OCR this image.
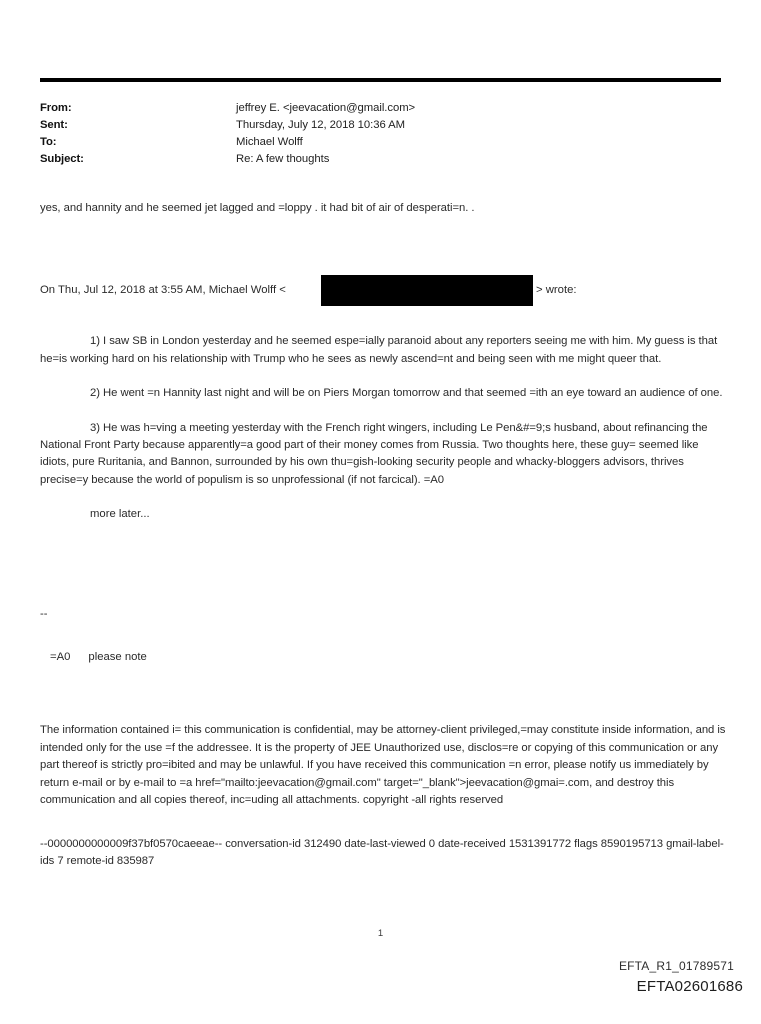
From:	jeffrey E. <jeevacation@gmail.com>
Sent:	Thursday, July 12, 2018 10:36 AM
To:	Michael Wolff
Subject:	Re: A few thoughts

yes, and hannity and he seemed jet lagged and =loppy . it had bit of air of desperati=n. .

On Thu, Jul 12, 2018 at 3:55 AM, Michael Wolff <	> wrote:

1) I saw SB in London yesterday and he seemed espe=ially paranoid about any reporters seeing me with him. My guess is that he=is working hard on his relationship with Trump who he sees as newly ascend=nt and being seen with me might queer that.

2) He went =n Hannity last night and will be on Piers Morgan tomorrow and that seemed =ith an eye toward an audience of one.

3) He was h=ving a meeting yesterday with the French right wingers, including Le Pen&#=9;s husband, about refinancing the National Front Party because apparently=a good part of their money comes from Russia. Two thoughts here, these guy= seemed like idiots, pure Ruritania, and Bannon, surrounded by his own thu=gish-looking security people and whacky-bloggers advisors, thrives precise=y because the world of populism is so unprofessional (if not farcical). =A0

more later...

--

=A0 please note

The information contained i= this communication is confidential, may be attorney-client privileged,=may constitute inside information, and is intended only for the use =f the addressee. It is the property of JEE Unauthorized use, disclos=re or copying of this communication or any part thereof is strictly pro=ibited and may be unlawful. If you have received this communication =n error, please notify us immediately by return e-mail or by e-mail to =a href="mailto:jeevacation@gmail.com" target="_blank">jeevacation@gmai=.com, and destroy this communication and all copies thereof, inc=uding all attachments. copyright -all rights reserved

--0000000000009f37bf0570caeeae-- conversation-id 312490 date-last-viewed 0 date-received 1531391772 flags 8590195713 gmail-label-ids 7 remote-id 835987

1
EFTA_R1_01789571
EFTA02601686
